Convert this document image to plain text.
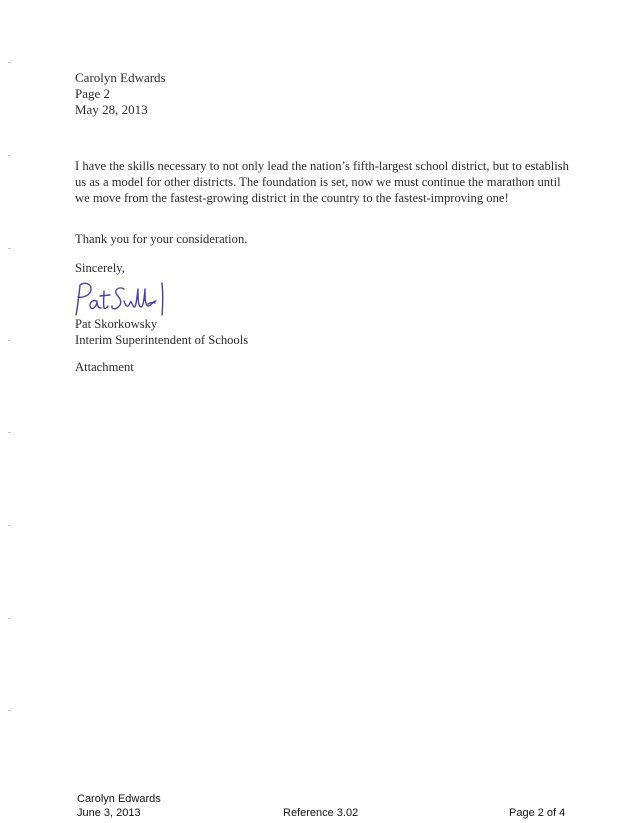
Carolyn Edwards
Page 2
May 28, 2013
I have the skills necessary to not only lead the nation’s fifth-largest school district, but to establish us as a model for other districts. The foundation is set, now we must continue the marathon until we move from the fastest-growing district in the country to the fastest-improving one!
Thank you for your consideration.
Sincerely,
Pat Skorkowsky
Interim Superintendent of Schools
Attachment
Carolyn Edwards
June 3, 2013	Reference 3.02	Page 2 of 4
